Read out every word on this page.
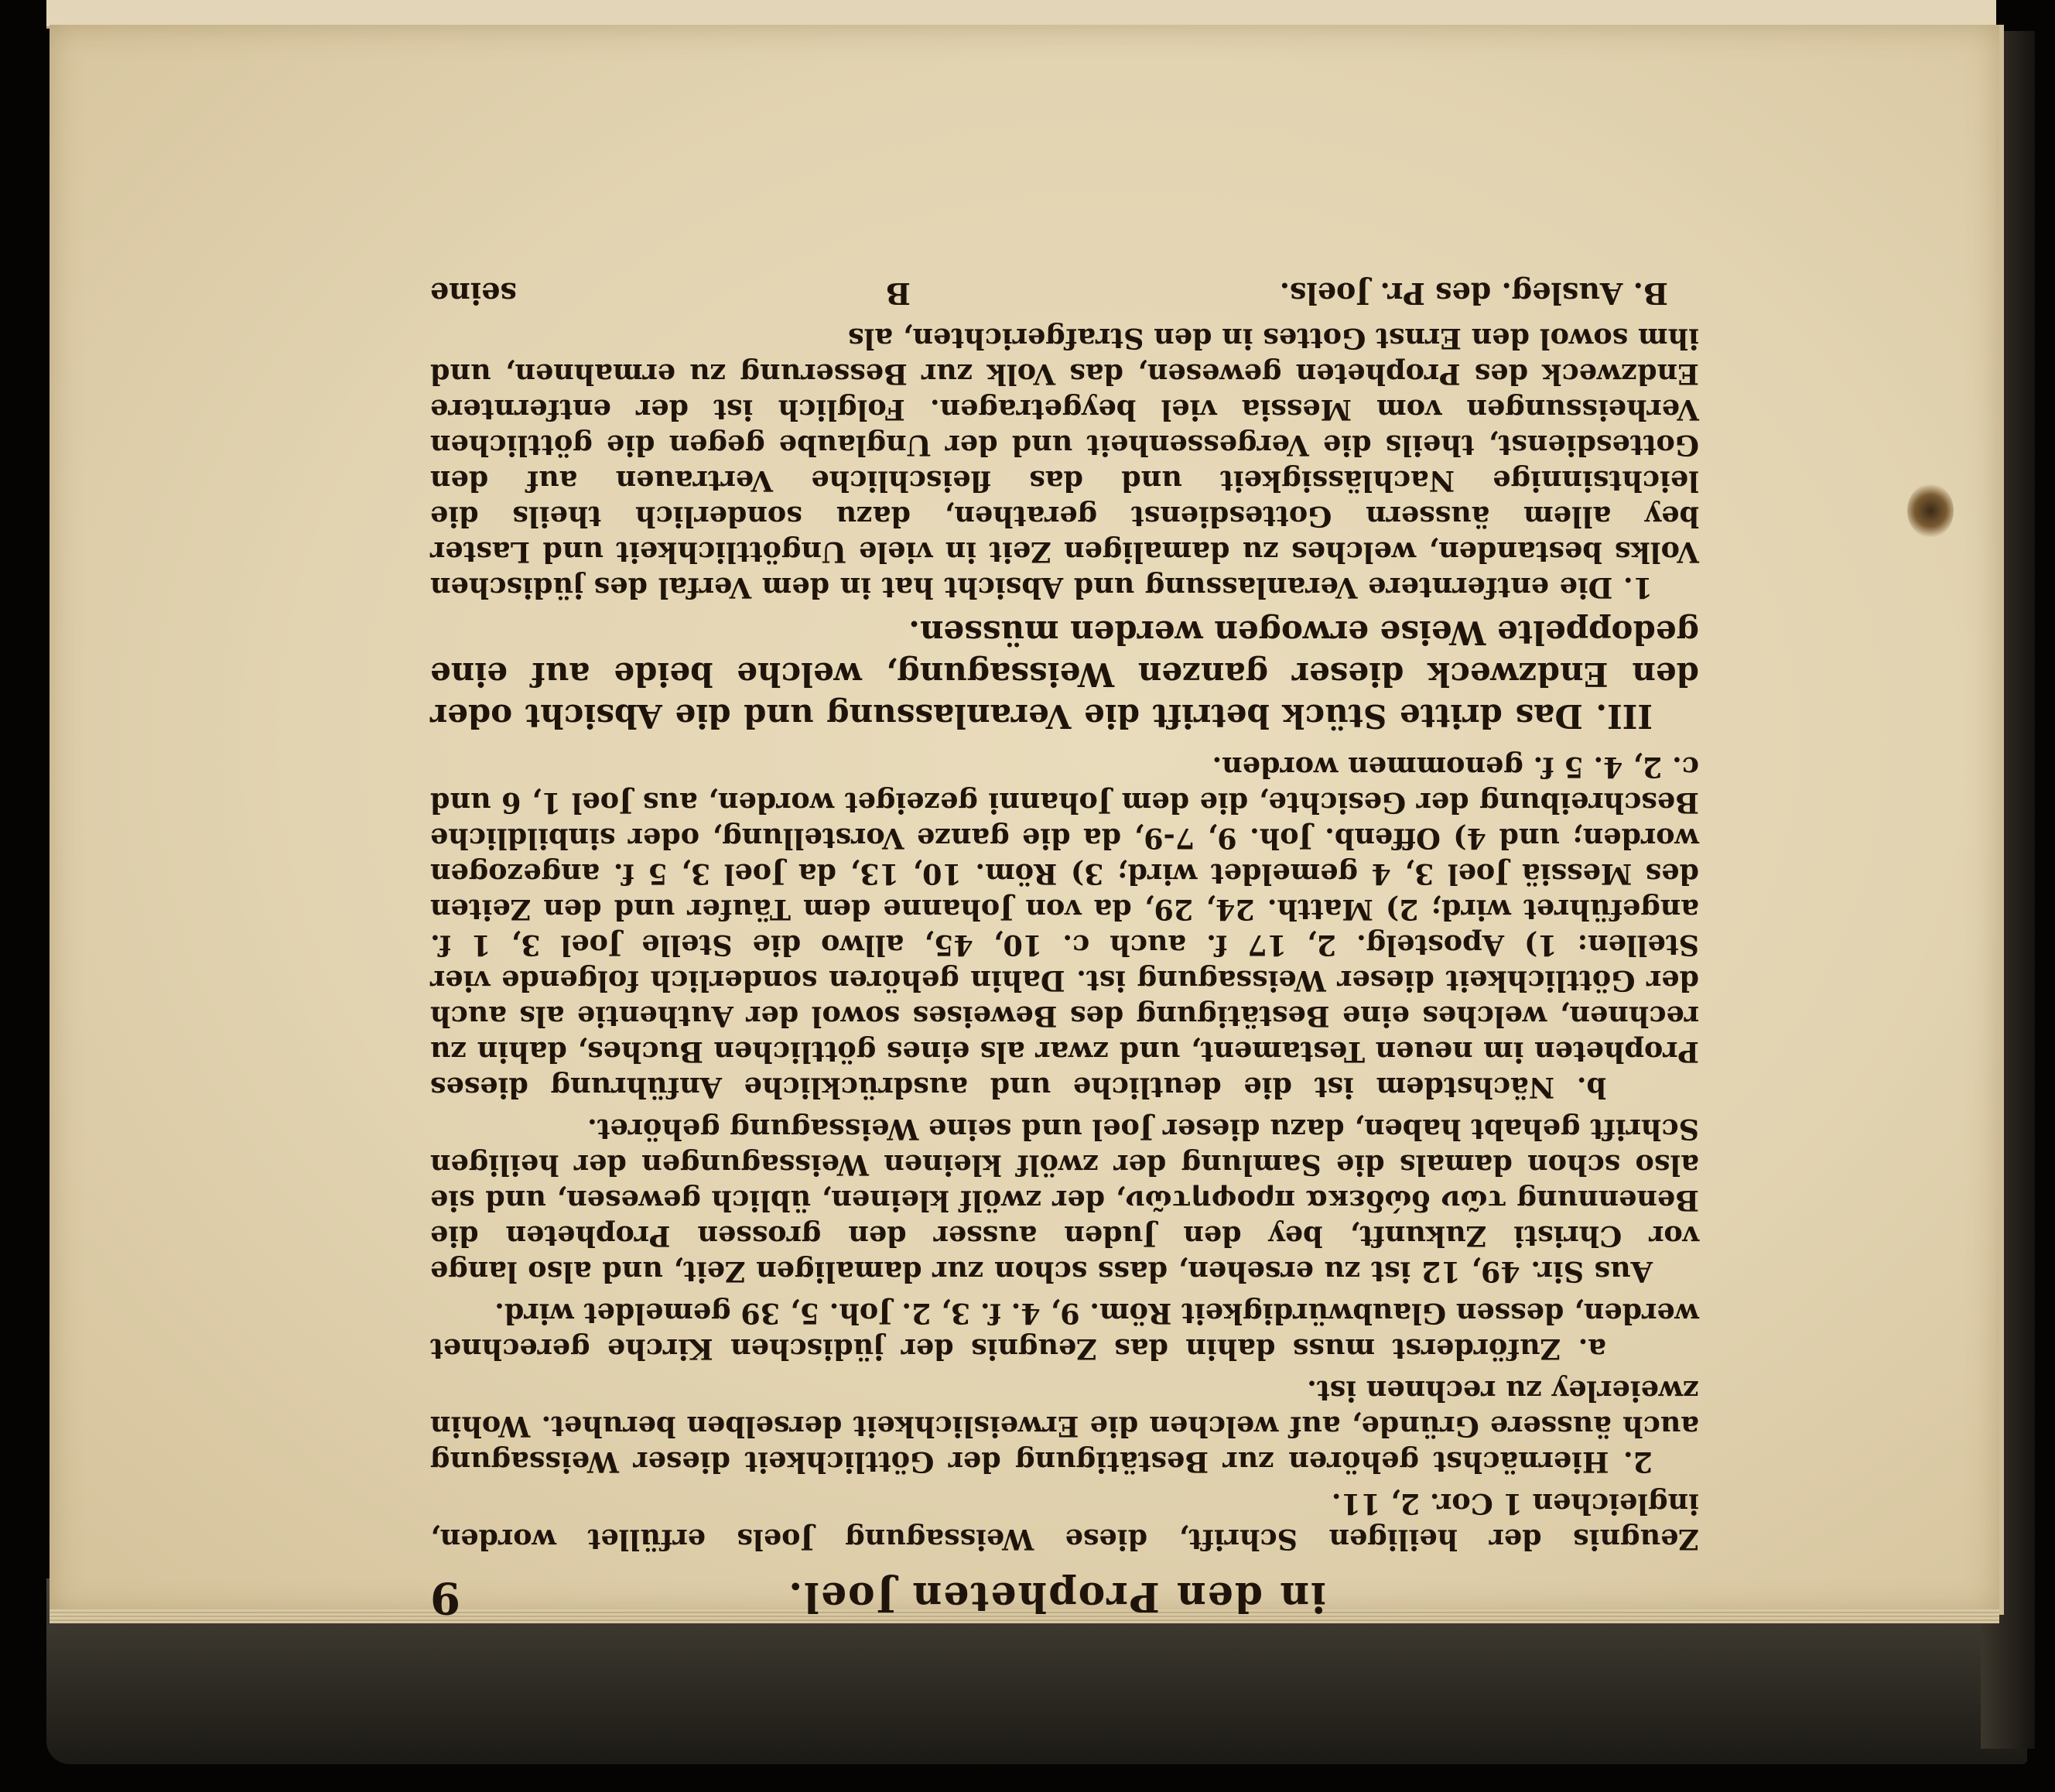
in den Propheten Joel.
9

Zeugnis der heiligen Schrift, diese Weissagung Joels erfüllet worden, ingleichen 1 Cor. 2, 11.

2. Hiernächst gehören zur Bestätigung der Göttlichkeit dieser Weissagung auch äussere Gründe, auf welchen die Erweislichkeit derselben beruhet. Wohin zweierley zu rechnen ist.

a. Zuförderst muss dahin das Zeugnis der jüdischen Kirche gerechnet werden, dessen Glaubwürdigkeit Röm. 9, 4. f. 3, 2. Joh. 5, 39 gemeldet wird.

Aus Sir. 49, 12 ist zu ersehen, dass schon zur damaligen Zeit, und also lange vor Christi Zukunft, bey den Juden ausser den grossen Propheten die Benennung τῶν δώδεκα προφητῶν, der zwölf kleinen, üblich gewesen, und sie also schon damals die Samlung der zwölf kleinen Weissagungen der heiligen Schrift gehabt haben, dazu dieser Joel und seine Weissagung gehöret.

b. Nächstdem ist die deutliche und ausdrückliche Anführung dieses Propheten im neuen Testament, und zwar als eines göttlichen Buches, dahin zu rechnen, welches eine Bestätigung des Beweises sowol der Authentie als auch der Göttlichkeit dieser Weissagung ist. Dahin gehören sonderlich folgende vier Stellen: 1) Apostelg. 2, 17 f. auch c. 10, 45, allwo die Stelle Joel 3, 1 f. angeführet wird; 2) Matth. 24, 29, da von Johanne dem Täufer und den Zeiten des Messiä Joel 3, 4 gemeldet wird; 3) Röm. 10, 13, da Joel 3, 5 f. angezogen worden; und 4) Offenb. Joh. 9, 7-9, da die ganze Vorstellung, oder sinbildliche Beschreibung der Gesichte, die dem Johanni gezeiget worden, aus Joel 1, 6 und c. 2, 4. 5 f. genommen worden.

III. Das dritte Stück betrift die Veranlassung und die Absicht oder den Endzweck dieser ganzen Weissagung, welche beide auf eine gedoppelte Weise erwogen werden müssen.

1. Die entferntere Veranlassung und Absicht hat in dem Verfal des jüdischen Volks bestanden, welches zu damaligen Zeit in viele Ungöttlichkeit und Laster bey allem äussern Gottesdienst gerathen, dazu sonderlich theils die leichtsinnige Nachlässigkeit und das fleischliche Vertrauen auf den Gottesdienst, theils die Vergessenheit und der Unglaube gegen die göttlichen Verheissungen vom Messia viel beygetragen. Folglich ist der entferntere Endzweck des Propheten gewesen, das Volk zur Besserung zu ermahnen, und ihm sowol den Ernst Gottes in den Strafgerichten, als

B. Ausleg. des Pr. Joels.
B
seine
